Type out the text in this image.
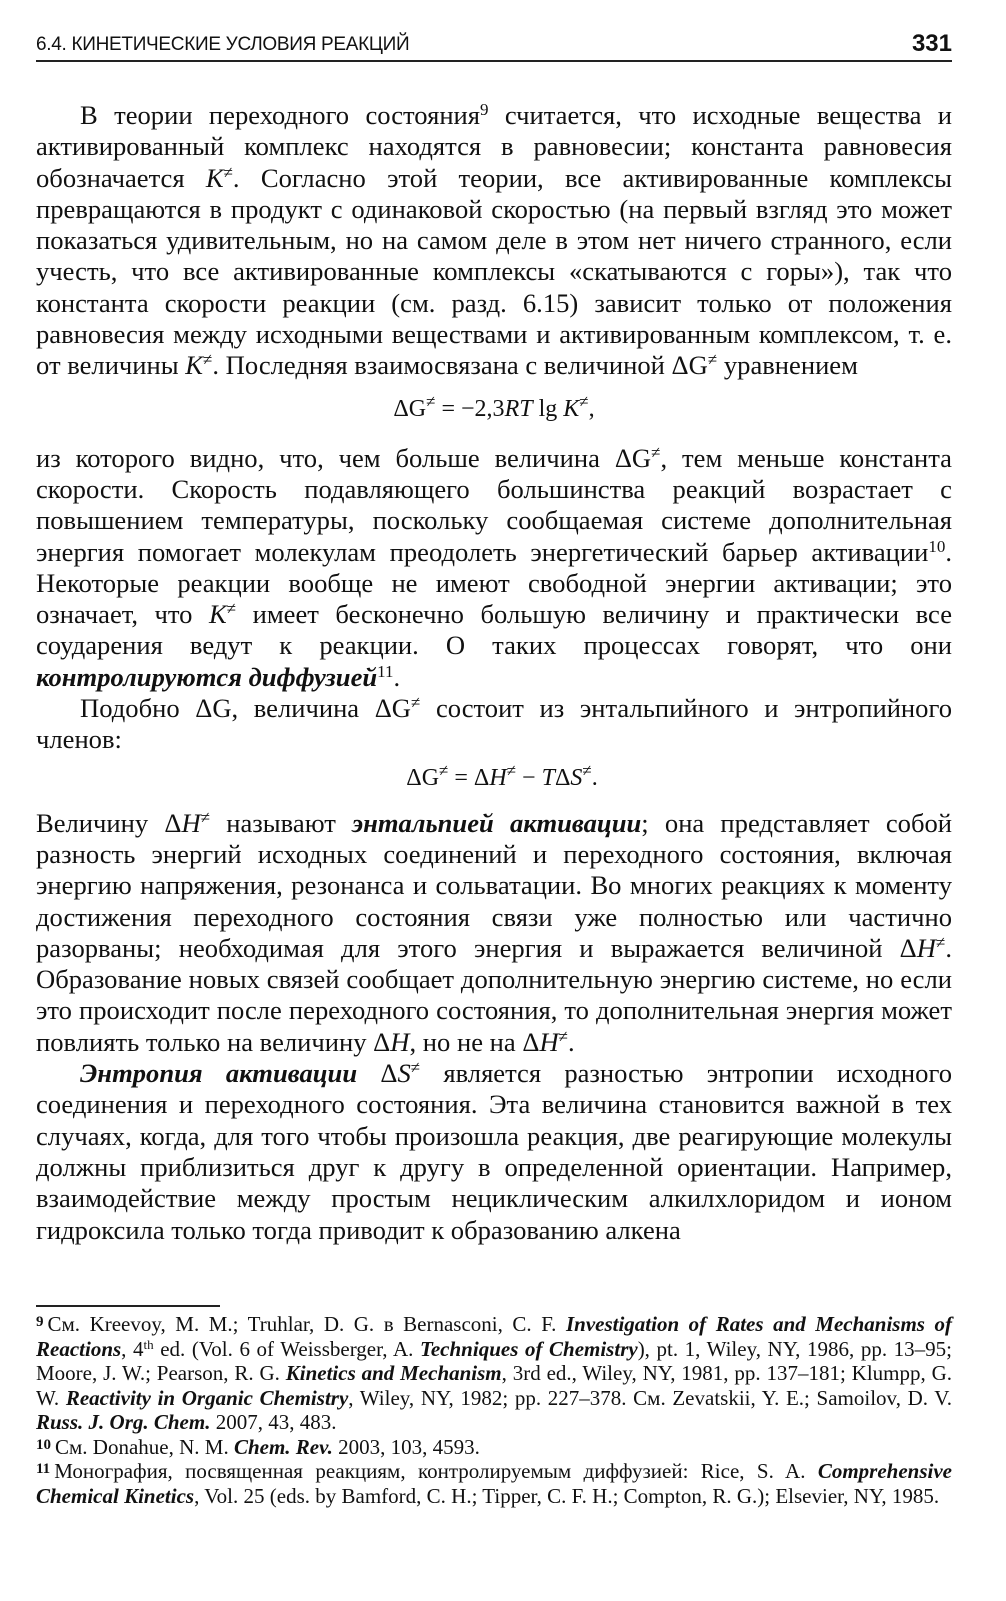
6.4. КИНЕТИЧЕСКИЕ УСЛОВИЯ РЕАКЦИЙ	331

В теории переходного состояния$^9$ считается, что исходные вещества и активированный комплекс находятся в равновесии; константа равновесия обозначается K≠. Согласно этой теории, все активированные комплексы превращаются в продукт с одинаковой скоростью (на первый взгляд это может показаться удивительным, но на самом деле в этом нет ничего странного, если учесть, что все активированные комплексы «скатываются с горы»), так что константа скорости реакции (см. разд. 6.15) зависит только от положения равновесия между исходными веществами и активированным комплексом, т. е. от величины K≠. Последняя взаимосвязана с величиной ΔG≠ уравнением

ΔG≠ = −2,3RT lg K≠,

из которого видно, что, чем больше величина ΔG≠, тем меньше константа скорости. Скорость подавляющего большинства реакций возрастает с повышением температуры, поскольку сообщаемая системе дополнительная энергия помогает молекулам преодолеть энергетический барьер активации$^{10}$. Некоторые реакции вообще не имеют свободной энергии активации; это означает, что K≠ имеет бесконечно большую величину и практически все соударения ведут к реакции. О таких процессах говорят, что они контролируются диффузией$^{11}$.

Подобно ΔG, величина ΔG≠ состоит из энтальпийного и энтропийного членов:

ΔG≠ = ΔH≠ − TΔS≠.

Величину ΔH≠ называют энтальпией активации; она представляет собой разность энергий исходных соединений и переходного состояния, включая энергию напряжения, резонанса и сольватации. Во многих реакциях к моменту достижения переходного состояния связи уже полностью или частично разорваны; необходимая для этого энергия и выражается величиной ΔH≠. Образование новых связей сообщает дополнительную энергию системе, но если это происходит после переходного состояния, то дополнительная энергия может повлиять только на величину ΔH, но не на ΔH≠.

Энтропия активации ΔS≠ является разностью энтропии исходного соединения и переходного состояния. Эта величина становится важной в тех случаях, когда, для того чтобы произошла реакция, две реагирующие молекулы должны приблизиться друг к другу в определенной ориентации. Например, взаимодействие между простым нециклическим алкилхлоридом и ионом гидроксила только тогда приводит к образованию алкена

$^9$ См. Kreevoy, M. M.; Truhlar, D. G. в Bernasconi, C. F. Investigation of Rates and Mechanisms of Reactions, 4th ed. (Vol. 6 of Weissberger, A. Techniques of Chemistry), pt. 1, Wiley, NY, 1986, pp. 13–95; Moore, J. W.; Pearson, R. G. Kinetics and Mechanism, 3rd ed., Wiley, NY, 1981, pp. 137–181; Klumpp, G. W. Reactivity in Organic Chemistry, Wiley, NY, 1982; pp. 227–378. См. Zevatskii, Y. E.; Samoilov, D. V. Russ. J. Org. Chem. 2007, 43, 483.

$^{10}$ См. Donahue, N. M. Chem. Rev. 2003, 103, 4593.

$^{11}$ Монография, посвященная реакциям, контролируемым диффузией: Rice, S. A. Comprehensive Chemical Kinetics, Vol. 25 (eds. by Bamford, C. H.; Tipper, C. F. H.; Compton, R. G.); Elsevier, NY, 1985.
